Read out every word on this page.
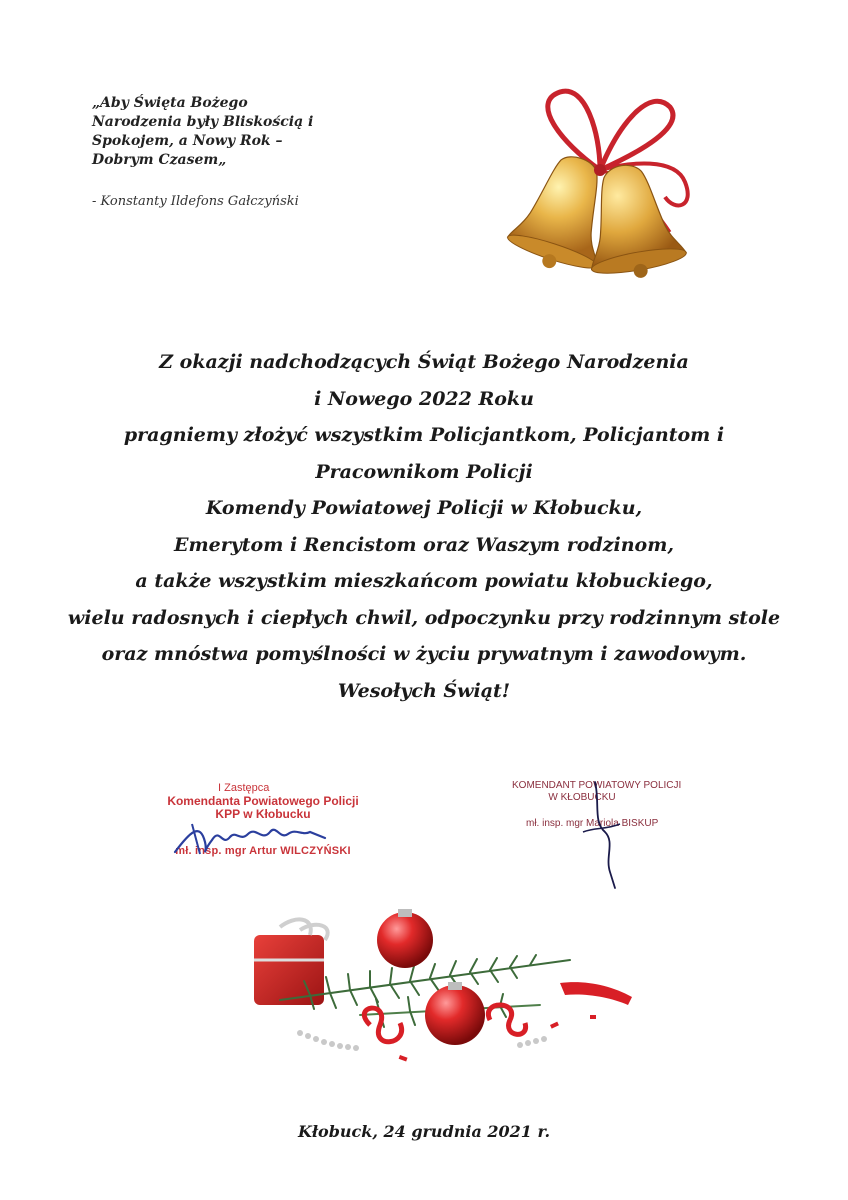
„Aby Święta Bożego
Narodzenia były Bliskością i
Spokojem, a Nowy Rok –
Dobrym Czasem„
- Konstanty Ildefons Gałczyński
Z okazji nadchodzących Świąt Bożego Narodzenia
i Nowego 2022 Roku
pragniemy złożyć wszystkim Policjantkom, Policjantom i
Pracownikom Policji
Komendy Powiatowej Policji w Kłobucku,
Emerytom i Rencistom oraz Waszym rodzinom,
a także wszystkim mieszkańcom powiatu kłobuckiego,
wielu radosnych i ciepłych chwil, odpoczynku przy rodzinnym stole
oraz mnóstwa pomyślności w życiu prywatnym i zawodowym.
Wesołych Świąt!
I Zastępca
Komendanta Powiatowego Policji
KPP w Kłobucku
mł. insp. mgr Artur WILCZYŃSKI
KOMENDANT POWIATOWY POLICJI
W KŁOBUCKU
mł. insp. mgr Mariola BISKUP
Kłobuck, 24 grudnia 2021 r.
